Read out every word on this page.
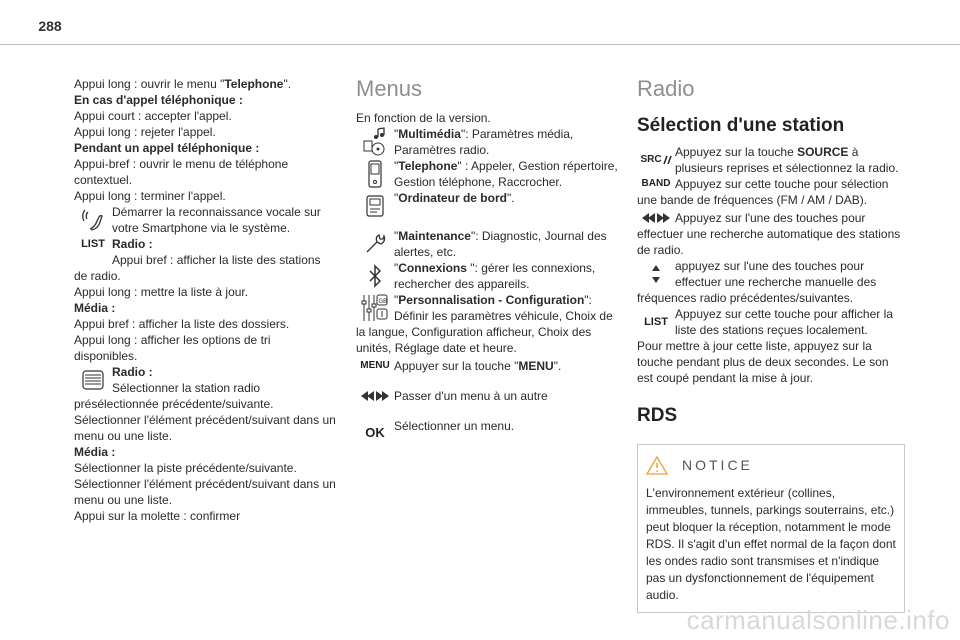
288
Appui long : ouvrir le menu "Telephone".
En cas d'appel téléphonique :
Appui court : accepter l'appel.
Appui long : rejeter l'appel.
Pendant un appel téléphonique :
Appui-bref : ouvrir le menu de téléphone contextuel.
Appui long : terminer l'appel.
Démarrer la reconnaissance vocale sur votre Smartphone via le système.
LIST Radio :
Appui bref : afficher la liste des stations de radio.
Appui long : mettre la liste à jour.
Média :
Appui bref : afficher la liste des dossiers.
Appui long : afficher les options de tri disponibles.
Radio :
Sélectionner la station radio présélectionnée précédente/suivante.
Sélectionner l'élément précédent/suivant dans un menu ou une liste.
Média :
Sélectionner la piste précédente/suivante.
Sélectionner l'élément précédent/suivant dans un menu ou une liste.
Appui sur la molette : confirmer
Menus
En fonction de la version.
"Multimédia": Paramètres média, Paramètres radio.
"Telephone" : Appeler, Gestion répertoire, Gestion téléphone, Raccrocher.
"Ordinateur de bord".
"Maintenance": Diagnostic, Journal des alertes, etc.
"Connexions ": gérer les connexions, rechercher des appareils.
GB "Personnalisation - Configuration": Définir les paramètres véhicule, Choix de la langue, Configuration afficheur, Choix des unités, Réglage date et heure.
MENU Appuyer sur la touche "MENU".
Passer d'un menu à un autre
OK Sélectionner un menu.
Radio
Sélection d'une station
SRC
Appuyez sur la touche SOURCE à plusieurs reprises et sélectionnez la radio.
BAND Appuyez sur cette touche pour sélection une bande de fréquences (FM / AM / DAB).
Appuyez sur l'une des touches pour effectuer une recherche automatique des stations de radio.
appuyez sur l'une des touches pour effectuer une recherche manuelle des fréquences radio précédentes/suivantes.
LIST
Appuyez sur cette touche pour afficher la liste des stations reçues localement.
Pour mettre à jour cette liste, appuyez sur la touche pendant plus de deux secondes. Le son est coupé pendant la mise à jour.
RDS
NOTICE
L'environnement extérieur (collines, immeubles, tunnels, parkings souterrains, etc.) peut bloquer la réception, notamment le mode RDS. Il s'agit d'un effet normal de la façon dont les ondes radio sont transmises et n'indique pas un dysfonctionnement de l'équipement audio.
carmanualsonline.info
